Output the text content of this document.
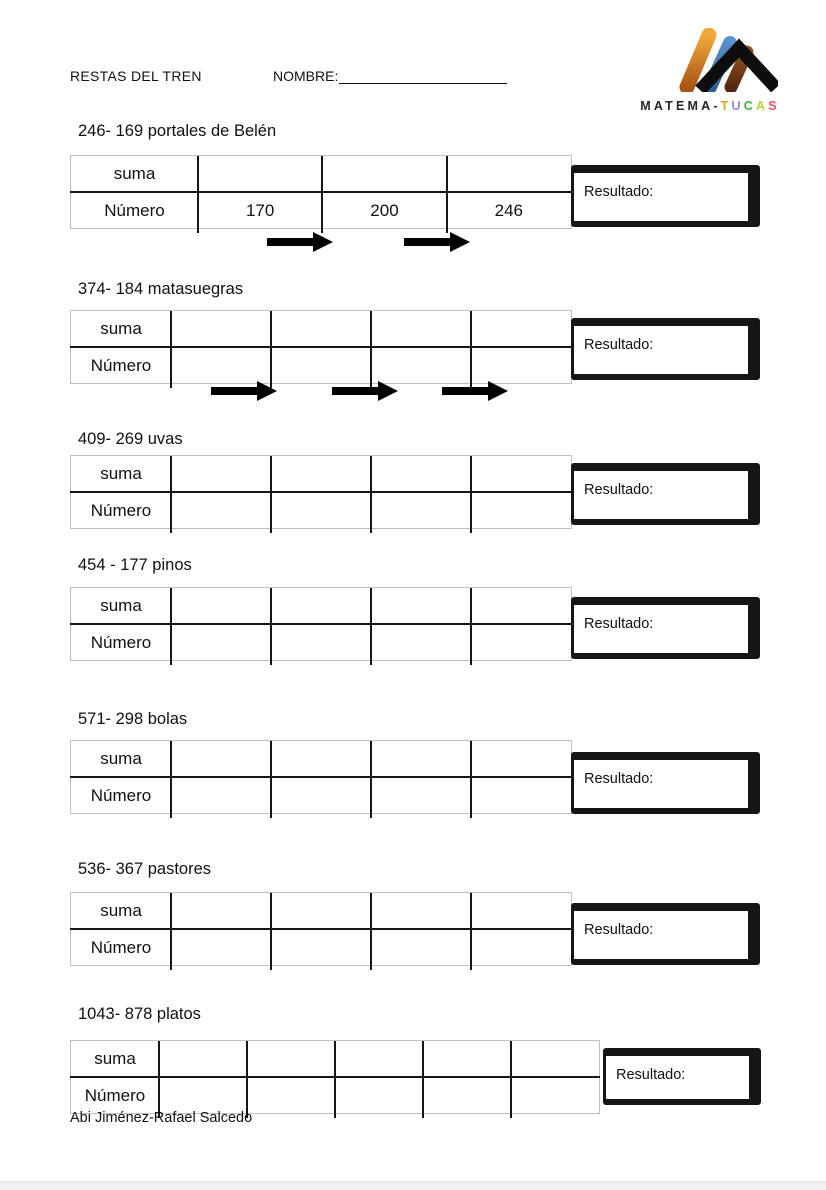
RESTAS DEL TREN	NOMBRE:
MATEMA-TUCAS
246- 169 portales de Belén
suma
Número	170	200	246
Resultado:
374- 184 matasuegras
suma
Número
Resultado:
409- 269 uvas
suma
Número
Resultado:
454 - 177 pinos
suma
Número
Resultado:
571- 298 bolas
suma
Número
Resultado:
536- 367 pastores
suma
Número
Resultado:
1043- 878 platos
suma
Número
Resultado:
Abi Jiménez-Rafael Salcedo
